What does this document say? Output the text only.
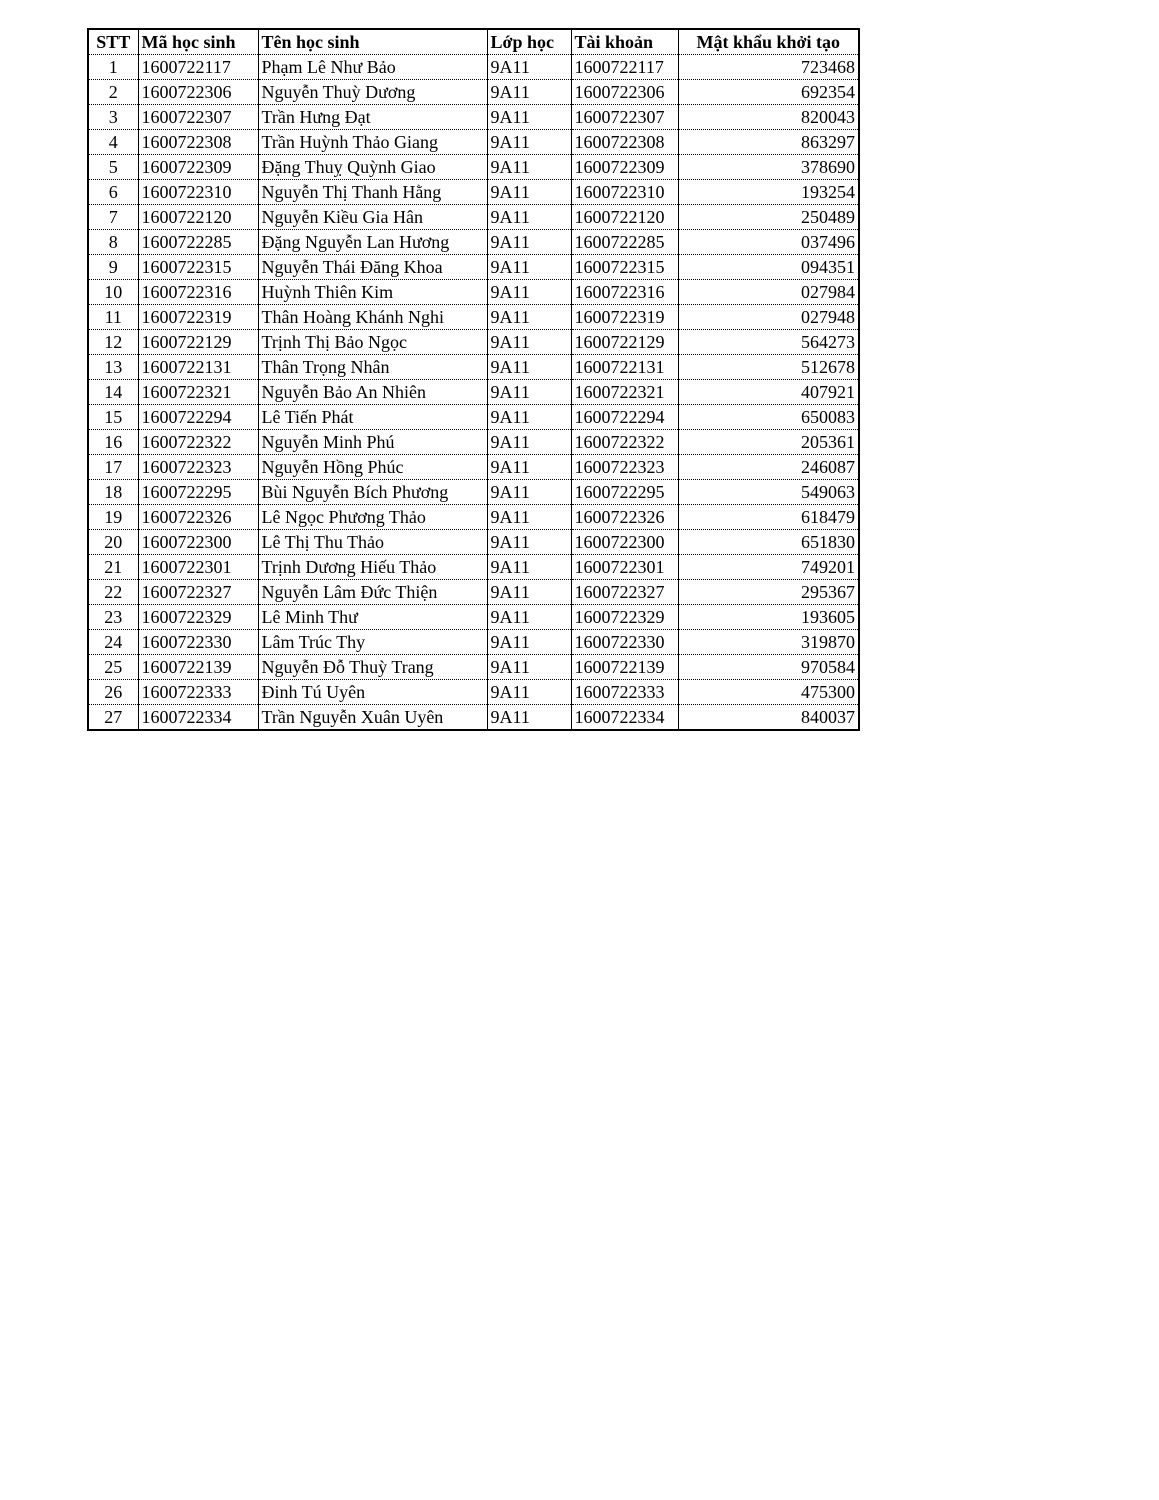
STT	Mã học sinh	Tên học sinh	Lớp học	Tài khoản	Mật khẩu khởi tạo
1	1600722117	Phạm Lê Như Bảo	9A11	1600722117	723468
2	1600722306	Nguyễn Thuỳ Dương	9A11	1600722306	692354
3	1600722307	Trần Hưng Đạt	9A11	1600722307	820043
4	1600722308	Trần Huỳnh Thảo Giang	9A11	1600722308	863297
5	1600722309	Đặng Thuỵ Quỳnh Giao	9A11	1600722309	378690
6	1600722310	Nguyễn Thị Thanh Hằng	9A11	1600722310	193254
7	1600722120	Nguyễn Kiều Gia Hân	9A11	1600722120	250489
8	1600722285	Đặng Nguyễn Lan Hương	9A11	1600722285	037496
9	1600722315	Nguyễn Thái Đăng Khoa	9A11	1600722315	094351
10	1600722316	Huỳnh Thiên Kim	9A11	1600722316	027984
11	1600722319	Thân Hoàng Khánh Nghi	9A11	1600722319	027948
12	1600722129	Trịnh Thị Bảo Ngọc	9A11	1600722129	564273
13	1600722131	Thân Trọng Nhân	9A11	1600722131	512678
14	1600722321	Nguyễn Bảo An Nhiên	9A11	1600722321	407921
15	1600722294	Lê Tiến Phát	9A11	1600722294	650083
16	1600722322	Nguyễn Minh Phú	9A11	1600722322	205361
17	1600722323	Nguyễn Hồng Phúc	9A11	1600722323	246087
18	1600722295	Bùi Nguyễn Bích Phương	9A11	1600722295	549063
19	1600722326	Lê Ngọc Phương Thảo	9A11	1600722326	618479
20	1600722300	Lê Thị Thu Thảo	9A11	1600722300	651830
21	1600722301	Trịnh Dương Hiếu Thảo	9A11	1600722301	749201
22	1600722327	Nguyễn Lâm Đức Thiện	9A11	1600722327	295367
23	1600722329	Lê Minh Thư	9A11	1600722329	193605
24	1600722330	Lâm Trúc Thy	9A11	1600722330	319870
25	1600722139	Nguyễn Đỗ Thuỳ Trang	9A11	1600722139	970584
26	1600722333	Đinh Tú Uyên	9A11	1600722333	475300
27	1600722334	Trần Nguyễn Xuân Uyên	9A11	1600722334	840037
